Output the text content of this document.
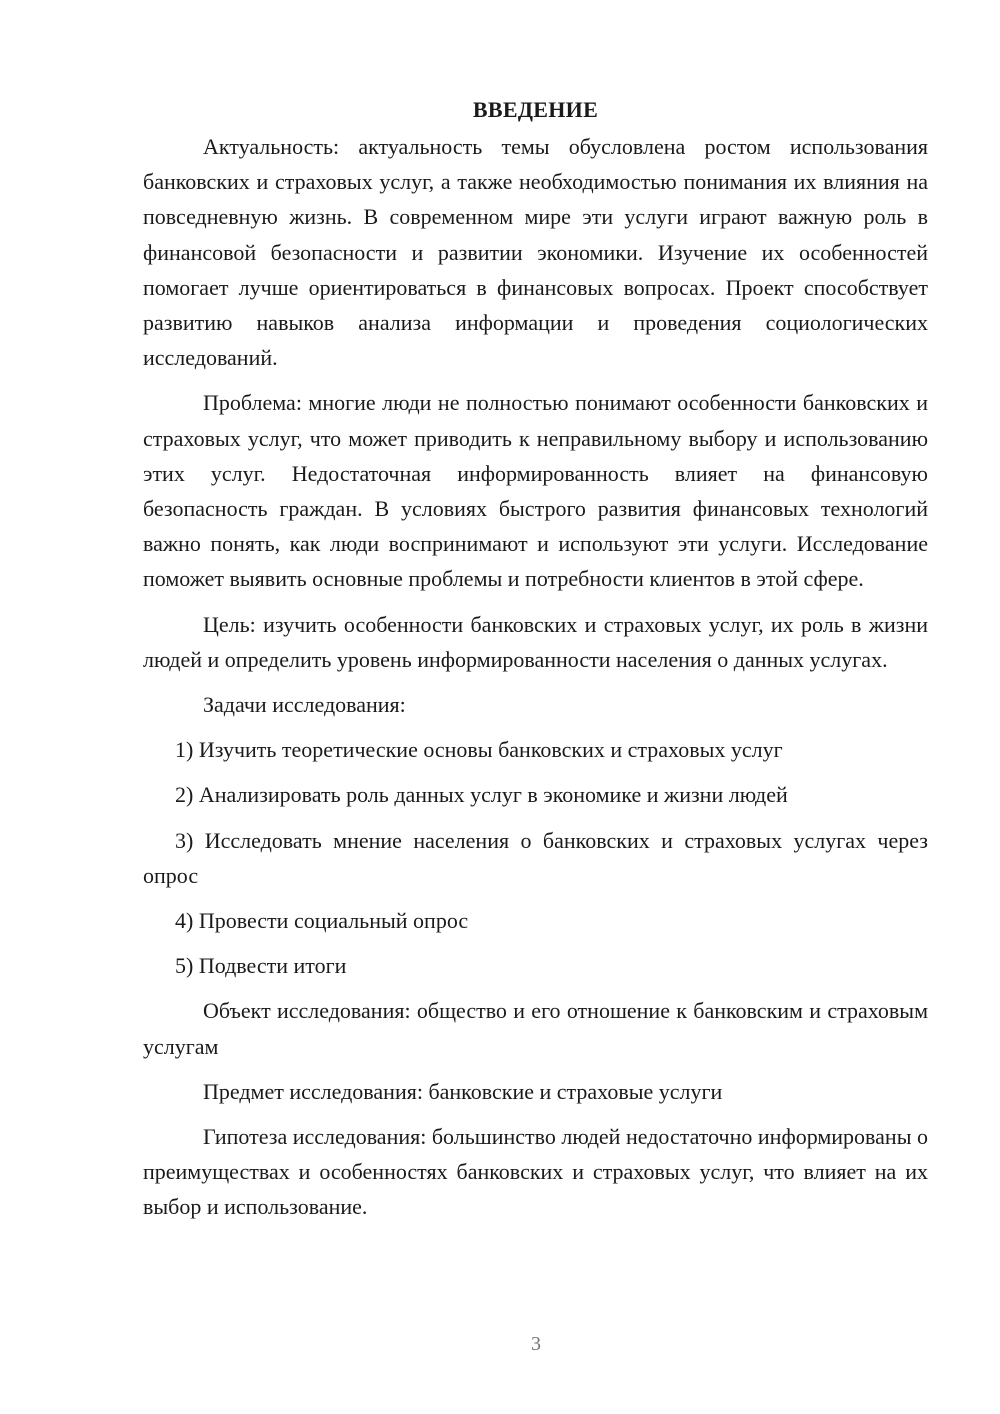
ВВЕДЕНИЕ

Актуальность: актуальность темы обусловлена ростом использования банковских и страховых услуг, а также необходимостью понимания их влияния на повседневную жизнь. В современном мире эти услуги играют важную роль в финансовой безопасности и развитии экономики. Изучение их особенностей помогает лучше ориентироваться в финансовых вопросах. Проект способствует развитию навыков анализа информации и проведения социологических исследований.

Проблема: многие люди не полностью понимают особенности банковских и страховых услуг, что может приводить к неправильному выбору и использованию этих услуг. Недостаточная информированность влияет на финансовую безопасность граждан. В условиях быстрого развития финансовых технологий важно понять, как люди воспринимают и используют эти услуги. Исследование поможет выявить основные проблемы и потребности клиентов в этой сфере.

Цель: изучить особенности банковских и страховых услуг, их роль в жизни людей и определить уровень информированности населения о данных услугах.

Задачи исследования:

1) Изучить теоретические основы банковских и страховых услуг

2) Анализировать роль данных услуг в экономике и жизни людей

3) Исследовать мнение населения о банковских и страховых услугах через опрос

4) Провести социальный опрос

5) Подвести итоги

Объект исследования: общество и его отношение к банковским и страховым услугам

Предмет исследования: банковские и страховые услуги

Гипотеза исследования: большинство людей недостаточно информированы о преимуществах и особенностях банковских и страховых услуг, что влияет на их выбор и использование.

3
